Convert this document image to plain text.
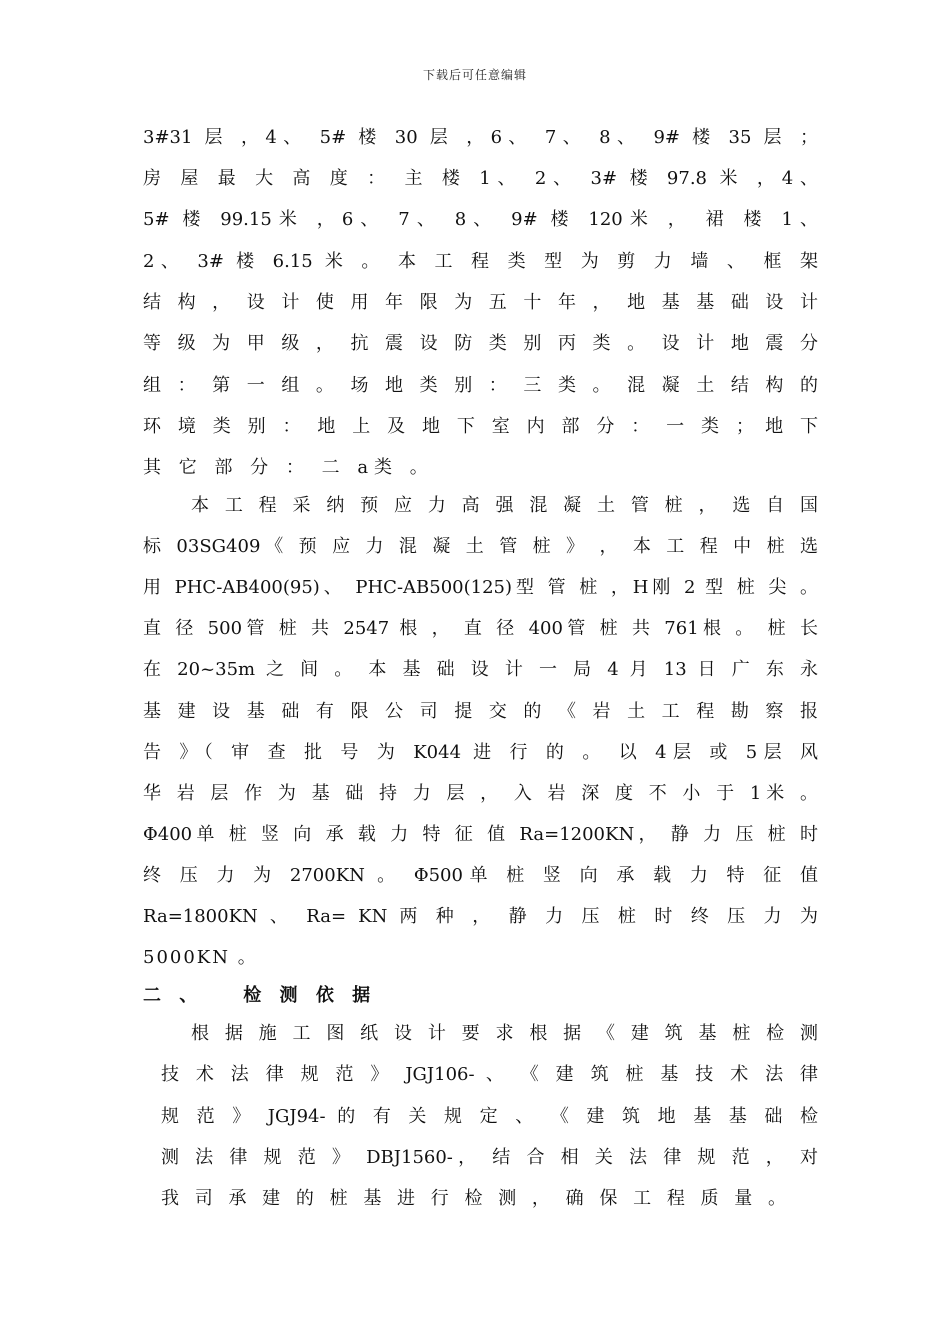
下载后可任意编辑
3#31 层 ，4、 5# 楼 30 层 ，6、 7、 8、 9# 楼 35 层 ；
房 屋 最 大 高 度 ： 主 楼 1、 2、 3# 楼 97.8 米 ，4、
5# 楼 99.15米 ，6、 7、 8、 9# 楼 120米 ， 裙 楼 1、
2、 3# 楼 6.15 米 。 本 工 程 类 型 为 剪 力 墙 、 框 架
结 构 ， 设 计 使 用 年 限 为 五 十 年 ， 地 基 基 础 设 计
等 级 为 甲 级 ， 抗 震 设 防 类 别 丙 类 。 设 计 地 震 分
组 ： 第 一 组 。 场 地 类 别 ： 三 类 。 混 凝 土 结 构 的
环 境 类 别 ： 地 上 及 地 下 室 内 部 分 ： 一 类 ； 地 下
其 它 部 分 ： 二 a类 。
本 工 程 采 纳 预 应 力 高 强 混 凝 土 管 桩 ， 选 自 国
标 03SG409《 预 应 力 混 凝 土 管 桩 》 ， 本 工 程 中 桩 选
用 PHC-AB400(95)、 PHC-AB500(125)型 管 桩 ，H刚 2 型 桩 尖 。
直 径 500管 桩 共 2547 根 ， 直 径 400管 桩 共 761根 。 桩 长
在 20~35m 之 间 。 本 基 础 设 计 一 局 4 月 13 日 广 东 永
基 建 设 基 础 有 限 公 司 提 交 的 《 岩 土 工 程 勘 察 报
告 》（ 审 查 批 号 为 K044 进 行 的 。 以 4层 或 5层 风
华 岩 层 作 为 基 础 持 力 层 ， 入 岩 深 度 不 小 于 1米 。
Φ400单 桩 竖 向 承 载 力 特 征 值 Ra=1200KN， 静 力 压 桩 时
终 压 力 为 2700KN 。 Φ500单 桩 竖 向 承 载 力 特 征 值
Ra=1800KN 、 Ra= KN 两 种 ， 静 力 压 桩 时 终 压 力 为
5000KN 。
二 、 检 测 依 据
根 据 施 工 图 纸 设 计 要 求 根 据 《 建 筑 基 桩 检 测
技 术 法 律 规 范 》 JGJ106- 、 《 建 筑 桩 基 技 术 法 律
规 范 》 JGJ94- 的 有 关 规 定 、 《 建 筑 地 基 基 础 检
测 法 律 规 范 》 DBJ1560-， 结 合 相 关 法 律 规 范 ， 对
我 司 承 建 的 桩 基 进 行 检 测 ， 确 保 工 程 质 量 。
